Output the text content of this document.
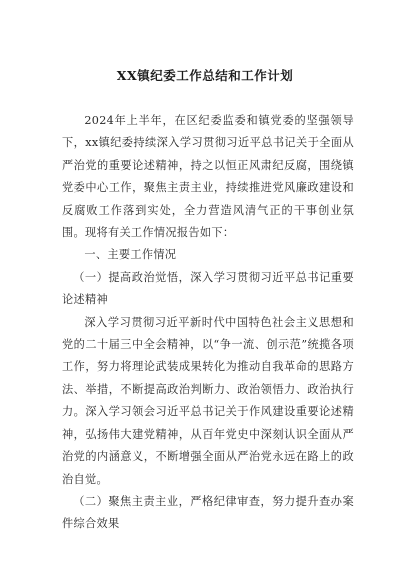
XX镇纪委工作总结和工作计划

2024年上半年，在区纪委监委和镇党委的坚强领导下，xx镇纪委持续深入学习贯彻习近平总书记关于全面从严治党的重要论述精神，持之以恒正风肃纪反腐，围绕镇党委中心工作，聚焦主责主业，持续推进党风廉政建设和反腐败工作落到实处，全力营造风清气正的干事创业氛围。现将有关工作情况报告如下：

一、主要工作情况

（一）提高政治觉悟，深入学习贯彻习近平总书记重要论述精神

深入学习贯彻习近平新时代中国特色社会主义思想和党的二十届三中全会精神，以“争一流、创示范”统揽各项工作，努力将理论武装成果转化为推动自我革命的思路方法、举措，不断提高政治判断力、政治领悟力、政治执行力。深入学习领会习近平总书记关于作风建设重要论述精神，弘扬伟大建党精神，从百年党史中深刻认识全面从严治党的内涵意义，不断增强全面从严治党永远在路上的政治自觉。

（二）聚焦主责主业，严格纪律审查，努力提升查办案件综合效果
